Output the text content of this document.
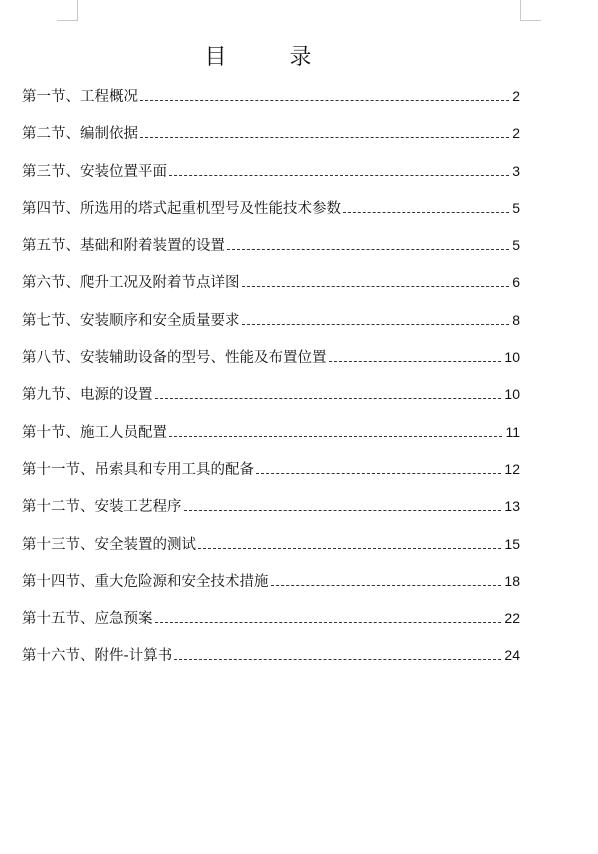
目 录
第一节、工程概况	2
第二节、编制依据	2
第三节、安装位置平面	3
第四节、所选用的塔式起重机型号及性能技术参数	5
第五节、基础和附着装置的设置	5
第六节、爬升工况及附着节点详图	6
第七节、安装顺序和安全质量要求	8
第八节、安装辅助设备的型号、性能及布置位置	10
第九节、电源的设置	10
第十节、施工人员配置	11
第十一节、吊索具和专用工具的配备	12
第十二节、安装工艺程序	13
第十三节、安全装置的测试	15
第十四节、重大危险源和安全技术措施	18
第十五节、应急预案	22
第十六节、附件-计算书	24
